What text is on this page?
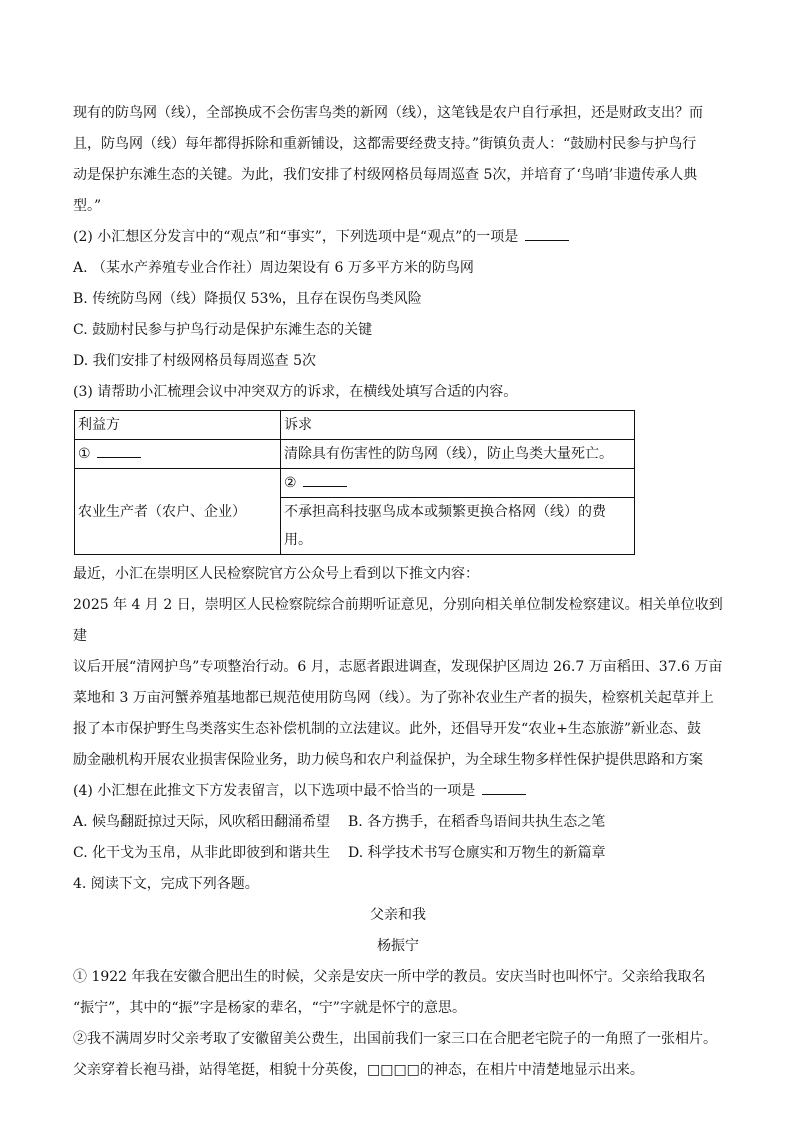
现有的防鸟网（线），全部换成不会伤害鸟类的新网（线），这笔钱是农户自行承担，还是财政支出？而

且，防鸟网（线）每年都得拆除和重新铺设，这都需要经费支持。”街镇负责人：“鼓励村民参与护鸟行

动是保护东滩生态的关键。为此，我们安排了村级网格员每周巡查 5次，并培育了‘鸟哨’非遗传承人典

型。”

(2) 小汇想区分发言中的“观点”和“事实”，下列选项中是“观点”的一项是

A. （某水产养殖专业合作社）周边架设有 6 万多平方米的防鸟网

B. 传统防鸟网（线）降损仅 53%，且存在误伤鸟类风险

C. 鼓励村民参与护鸟行动是保护东滩生态的关键

D. 我们安排了村级网格员每周巡查 5次

(3) 请帮助小汇梳理会议中冲突双方的诉求，在横线处填写合适的内容。

利益方	诉求
①	清除具有伤害性的防鸟网（线），防止鸟类大量死亡。
农业生产者（农户、企业）	②
	不承担高科技驱鸟成本或频繁更换合格网（线）的费用。

最近，小汇在崇明区人民检察院官方公众号上看到以下推文内容：

2025 年 4 月 2 日，崇明区人民检察院综合前期听证意见，分别向相关单位制发检察建议。相关单位收到建

议后开展“清网护鸟”专项整治行动。6 月，志愿者跟进调查，发现保护区周边 26.7 万亩稻田、37.6 万亩

菜地和 3 万亩河蟹养殖基地都已规范使用防鸟网（线）。为了弥补农业生产者的损失，检察机关起草并上

报了本市保护野生鸟类落实生态补偿机制的立法建议。此外，还倡导开发“农业+生态旅游”新业态、鼓

励金融机构开展农业损害保险业务，助力候鸟和农户利益保护，为全球生物多样性保护提供思路和方案

(4) 小汇想在此推文下方发表留言，以下选项中最不恰当的一项是

A. 候鸟翻跹掠过天际，风吹稻田翻涌希望	B. 各方携手，在稻香鸟语间共执生态之笔
C. 化干戈为玉帛，从非此即彼到和谐共生	D. 科学技术书写仓廪实和万物生的新篇章

4. 阅读下文，完成下列各题。

父亲和我

杨振宁

① 1922 年我在安徽合肥出生的时候，父亲是安庆一所中学的教员。安庆当时也叫怀宁。父亲给我取名

“振宁”，其中的“振”字是杨家的辈名，“宁”字就是怀宁的意思。

②我不满周岁时父亲考取了安徽留美公费生，出国前我们一家三口在合肥老宅院子的一角照了一张相片。

父亲穿着长袍马褂，站得笔挺，相貌十分英俊，□□□□的神态，在相片中清楚地显示出来。
